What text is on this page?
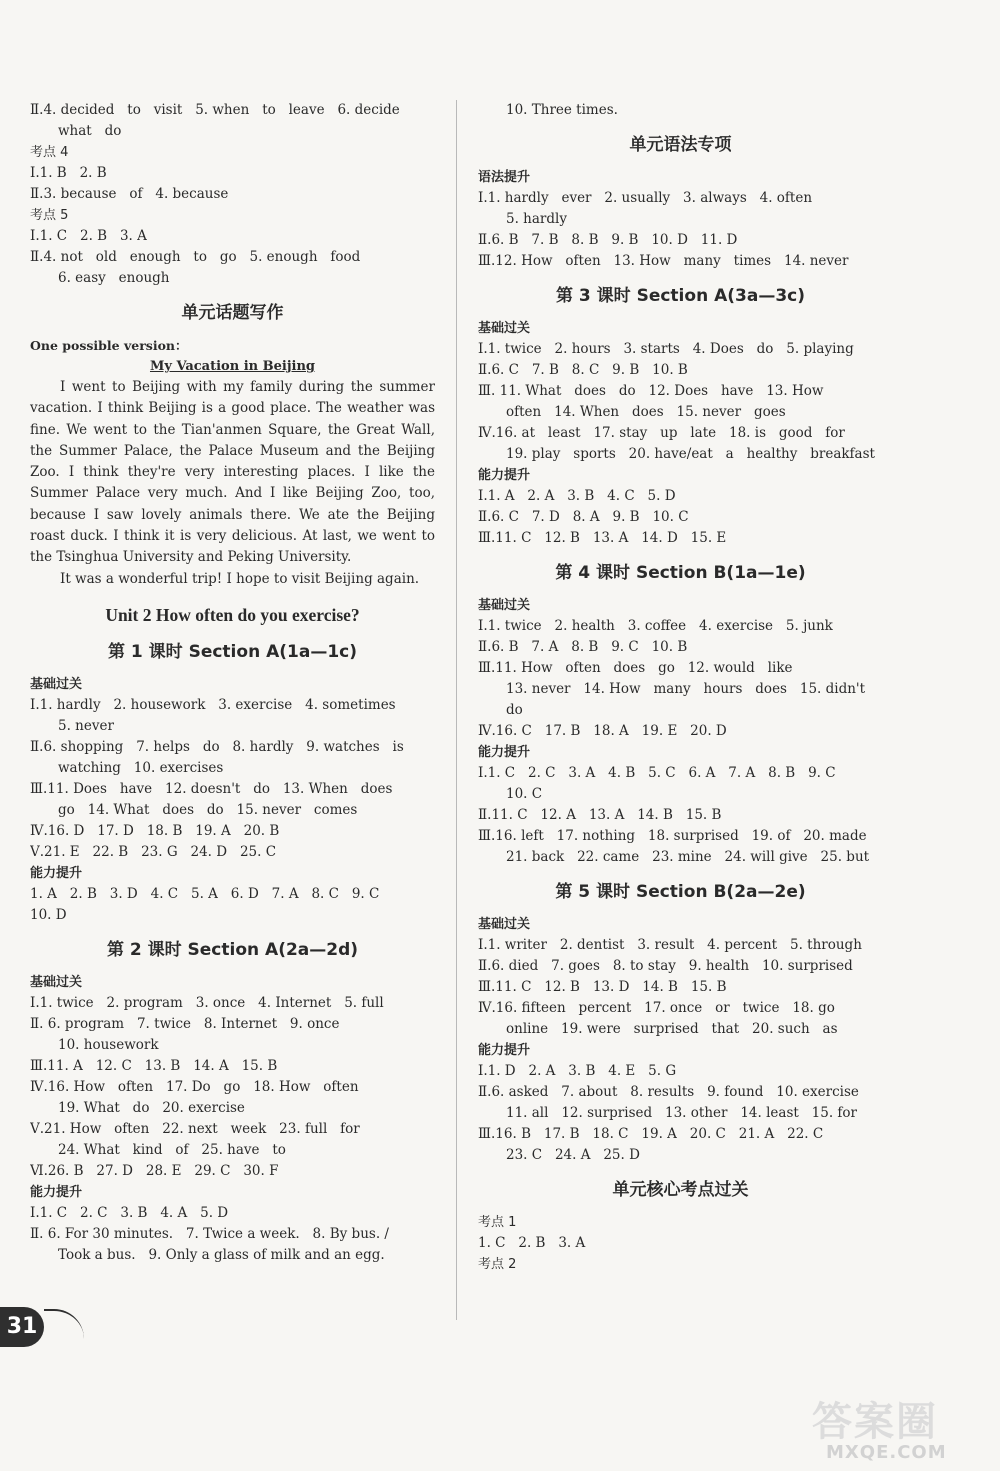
Ⅱ.4. decided   to   visit   5. when   to   leave   6. decide
what   do
考点 4
Ⅰ.1. B   2. B
Ⅱ.3. because   of   4. because
考点 5
Ⅰ.1. C   2. B   3. A
Ⅱ.4. not   old   enough   to   go   5. enough   food
6. easy   enough
单元话题写作
One possible version：
My Vacation in Beijing

I went to Beijing with my family during the summer vacation. I think Beijing is a good place. The weather was fine. We went to the Tian'anmen Square, the Great Wall, the Summer Palace, the Palace Museum and the Beijing Zoo. I think they're very interesting places. I like the Summer Palace very much. And I like Beijing Zoo, too, because I saw lovely animals there. We ate the Beijing roast duck. I think it is very delicious. At last, we went to the Tsinghua University and Peking University.

It was a wonderful trip! I hope to visit Beijing again.

Unit 2 How often do you exercise?
第 1 课时 Section A(1a—1c)
基础过关
Ⅰ.1. hardly   2. housework   3. exercise   4. sometimes
5. never
Ⅱ.6. shopping   7. helps   do   8. hardly   9. watches   is
watching   10. exercises
Ⅲ.11. Does   have   12. doesn't   do   13. When   does
go   14. What   does   do   15. never   comes
Ⅳ.16. D   17. D   18. B   19. A   20. B
Ⅴ.21. E   22. B   23. G   24. D   25. C
能力提升
1. A   2. B   3. D   4. C   5. A   6. D   7. A   8. C   9. C
10. D
第 2 课时 Section A(2a—2d)
基础过关
Ⅰ.1. twice   2. program   3. once   4. Internet   5. full
Ⅱ. 6. program   7. twice   8. Internet   9. once
10. housework
Ⅲ.11. A   12. C   13. B   14. A   15. B
Ⅳ.16. How   often   17. Do   go   18. How   often
19. What   do   20. exercise
Ⅴ.21. How   often   22. next   week   23. full   for
24. What   kind   of   25. have   to
Ⅵ.26. B   27. D   28. E   29. C   30. F
能力提升
Ⅰ.1. C   2. C   3. B   4. A   5. D
Ⅱ. 6. For 30 minutes.   7. Twice a week.   8. By bus. /
Took a bus.   9. Only a glass of milk and an egg.
10. Three times.
单元语法专项
语法提升
Ⅰ.1. hardly   ever   2. usually   3. always   4. often
5. hardly
Ⅱ.6. B   7. B   8. B   9. B   10. D   11. D
Ⅲ.12. How   often   13. How   many   times   14. never
第 3 课时 Section A(3a—3c)
基础过关
Ⅰ.1. twice   2. hours   3. starts   4. Does   do   5. playing
Ⅱ.6. C   7. B   8. C   9. B   10. B
Ⅲ. 11. What   does   do   12. Does   have   13. How
often   14. When   does   15. never   goes
Ⅳ.16. at   least   17. stay   up   late   18. is   good   for
19. play   sports   20. have/eat   a   healthy   breakfast
能力提升
Ⅰ.1. A   2. A   3. B   4. C   5. D
Ⅱ.6. C   7. D   8. A   9. B   10. C
Ⅲ.11. C   12. B   13. A   14. D   15. E
第 4 课时 Section B(1a—1e)
基础过关
Ⅰ.1. twice   2. health   3. coffee   4. exercise   5. junk
Ⅱ.6. B   7. A   8. B   9. C   10. B
Ⅲ.11. How   often   does   go   12. would   like
13. never   14. How   many   hours   does   15. didn't
do
Ⅳ.16. C   17. B   18. A   19. E   20. D
能力提升
Ⅰ.1. C   2. C   3. A   4. B   5. C   6. A   7. A   8. B   9. C
10. C
Ⅱ.11. C   12. A   13. A   14. B   15. B
Ⅲ.16. left   17. nothing   18. surprised   19. of   20. made
21. back   22. came   23. mine   24. will give   25. but
第 5 课时 Section B(2a—2e)
基础过关
Ⅰ.1. writer   2. dentist   3. result   4. percent   5. through
Ⅱ.6. died   7. goes   8. to stay   9. health   10. surprised
Ⅲ.11. C   12. B   13. D   14. B   15. B
Ⅳ.16. fifteen   percent   17. once   or   twice   18. go
online   19. were   surprised   that   20. such   as
能力提升
Ⅰ.1. D   2. A   3. B   4. E   5. G
Ⅱ.6. asked   7. about   8. results   9. found   10. exercise
11. all   12. surprised   13. other   14. least   15. for
Ⅲ.16. B   17. B   18. C   19. A   20. C   21. A   22. C
23. C   24. A   25. D
单元核心考点过关
考点 1
1. C   2. B   3. A
考点 2
31
答案圈
MXQE.COM
